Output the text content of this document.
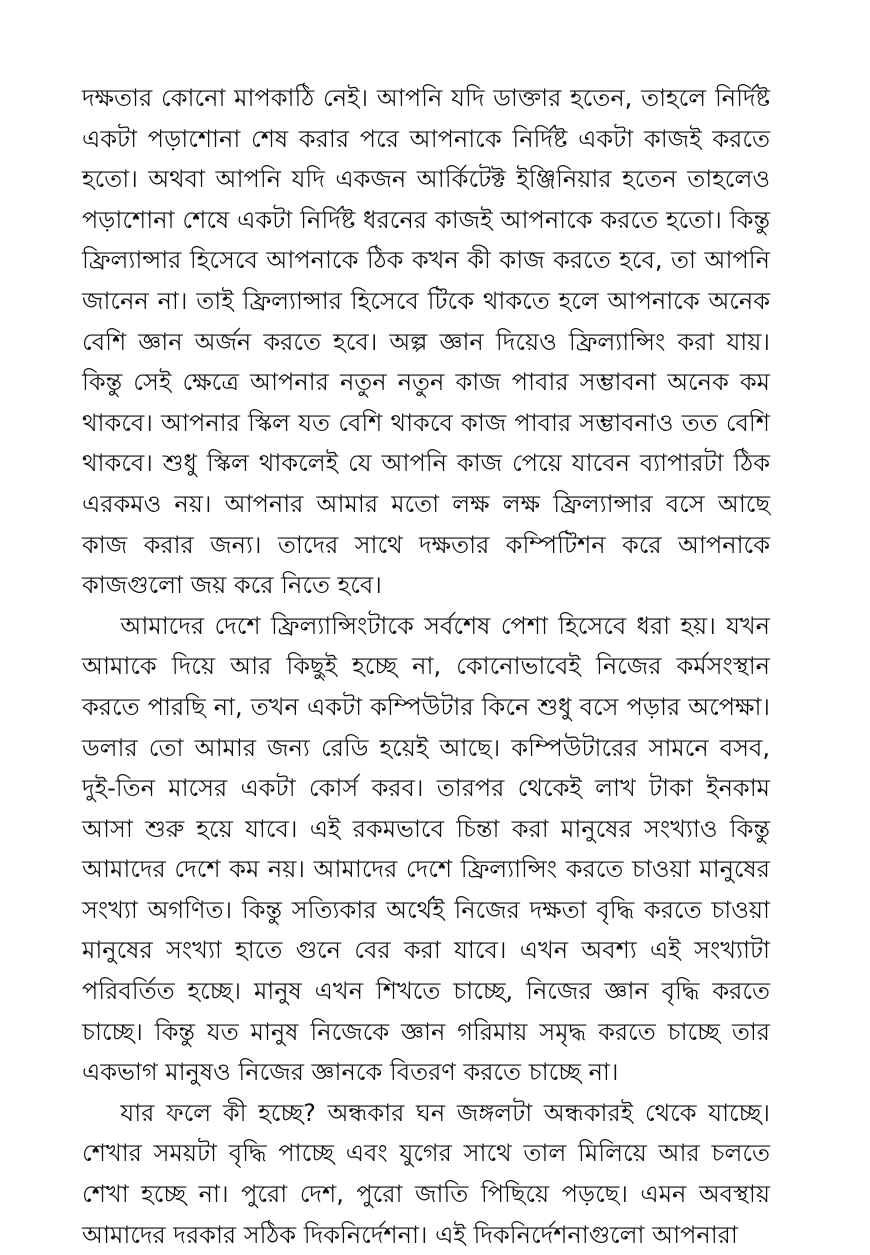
দক্ষতার কোনো মাপকাঠি নেই। আপনি যদি ডাক্তার হতেন, তাহলে নির্দিষ্ট একটা পড়াশোনা শেষ করার পরে আপনাকে নির্দিষ্ট একটা কাজই করতে হতো। অথবা আপনি যদি একজন আর্কিটেক্ট ইঞ্জিনিয়ার হতেন তাহলেও পড়াশোনা শেষে একটা নির্দিষ্ট ধরনের কাজই আপনাকে করতে হতো। কিন্তু ফ্রিল্যান্সার হিসেবে আপনাকে ঠিক কখন কী কাজ করতে হবে, তা আপনি জানেন না। তাই ফ্রিল্যান্সার হিসেবে টিকে থাকতে হলে আপনাকে অনেক বেশি জ্ঞান অর্জন করতে হবে। অল্প জ্ঞান দিয়েও ফ্রিল্যান্সিং করা যায়। কিন্তু সেই ক্ষেত্রে আপনার নতুন নতুন কাজ পাবার সম্ভাবনা অনেক কম থাকবে। আপনার স্কিল যত বেশি থাকবে কাজ পাবার সম্ভাবনাও তত বেশি থাকবে। শুধু স্কিল থাকলেই যে আপনি কাজ পেয়ে যাবেন ব্যাপারটা ঠিক এরকমও নয়। আপনার আমার মতো লক্ষ লক্ষ ফ্রিল্যান্সার বসে আছে কাজ করার জন্য। তাদের সাথে দক্ষতার কম্পিটিশন করে আপনাকে কাজগুলো জয় করে নিতে হবে।

আমাদের দেশে ফ্রিল্যান্সিংটাকে সর্বশেষ পেশা হিসেবে ধরা হয়। যখন আমাকে দিয়ে আর কিছুই হচ্ছে না, কোনোভাবেই নিজের কর্মসংস্থান করতে পারছি না, তখন একটা কম্পিউটার কিনে শুধু বসে পড়ার অপেক্ষা। ডলার তো আমার জন্য রেডি হয়েই আছে। কম্পিউটারের সামনে বসব, দুই-তিন মাসের একটা কোর্স করব। তারপর থেকেই লাখ টাকা ইনকাম আসা শুরু হয়ে যাবে। এই রকমভাবে চিন্তা করা মানুষের সংখ্যাও কিন্তু আমাদের দেশে কম নয়। আমাদের দেশে ফ্রিল্যান্সিং করতে চাওয়া মানুষের সংখ্যা অগণিত। কিন্তু সত্যিকার অর্থেই নিজের দক্ষতা বৃদ্ধি করতে চাওয়া মানুষের সংখ্যা হাতে গুনে বের করা যাবে। এখন অবশ্য এই সংখ্যাটা পরিবর্তিত হচ্ছে। মানুষ এখন শিখতে চাচ্ছে, নিজের জ্ঞান বৃদ্ধি করতে চাচ্ছে। কিন্তু যত মানুষ নিজেকে জ্ঞান গরিমায় সমৃদ্ধ করতে চাচ্ছে তার একভাগ মানুষও নিজের জ্ঞানকে বিতরণ করতে চাচ্ছে না।

যার ফলে কী হচ্ছে? অন্ধকার ঘন জঙ্গলটা অন্ধকারই থেকে যাচ্ছে। শেখার সময়টা বৃদ্ধি পাচ্ছে এবং যুগের সাথে তাল মিলিয়ে আর চলতে শেখা হচ্ছে না। পুরো দেশ, পুরো জাতি পিছিয়ে পড়ছে। এমন অবস্থায় আমাদের দরকার সঠিক দিকনির্দেশনা। এই দিকনির্দেশনাগুলো আপনারা
